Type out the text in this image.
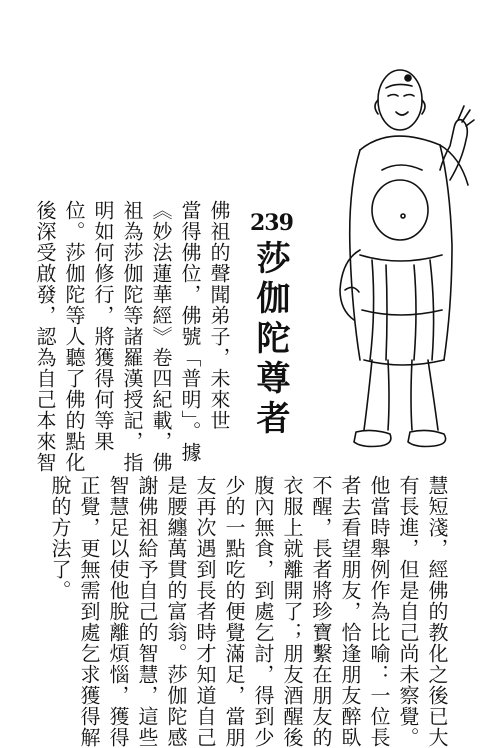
239
莎伽陀尊者
佛祖的聲聞弟子，未來世
當得佛位，佛號「普明」。據
《妙法蓮華經》卷四紀載，佛
祖為莎伽陀等諸羅漢授記，指
明如何修行，將獲得何等果
位。莎伽陀等人聽了佛的點化
後深受啟發，認為自己本來智
慧短淺，經佛的教化之後已大
有長進，但是自己尚未察覺。
他當時舉例作為比喻：一位長
者去看望朋友，恰逢朋友醉臥
不醒，長者將珍寶繫在朋友的
衣服上就離開了；朋友酒醒後
腹內無食，到處乞討，得到少
少的一點吃的便覺滿足，當朋
友再次遇到長者時才知道自己
是腰纏萬貫的富翁。莎伽陀感
謝佛祖給予自己的智慧，這些
智慧足以使他脫離煩惱，獲得
正覺，更無需到處乞求獲得解
脫的方法了。
